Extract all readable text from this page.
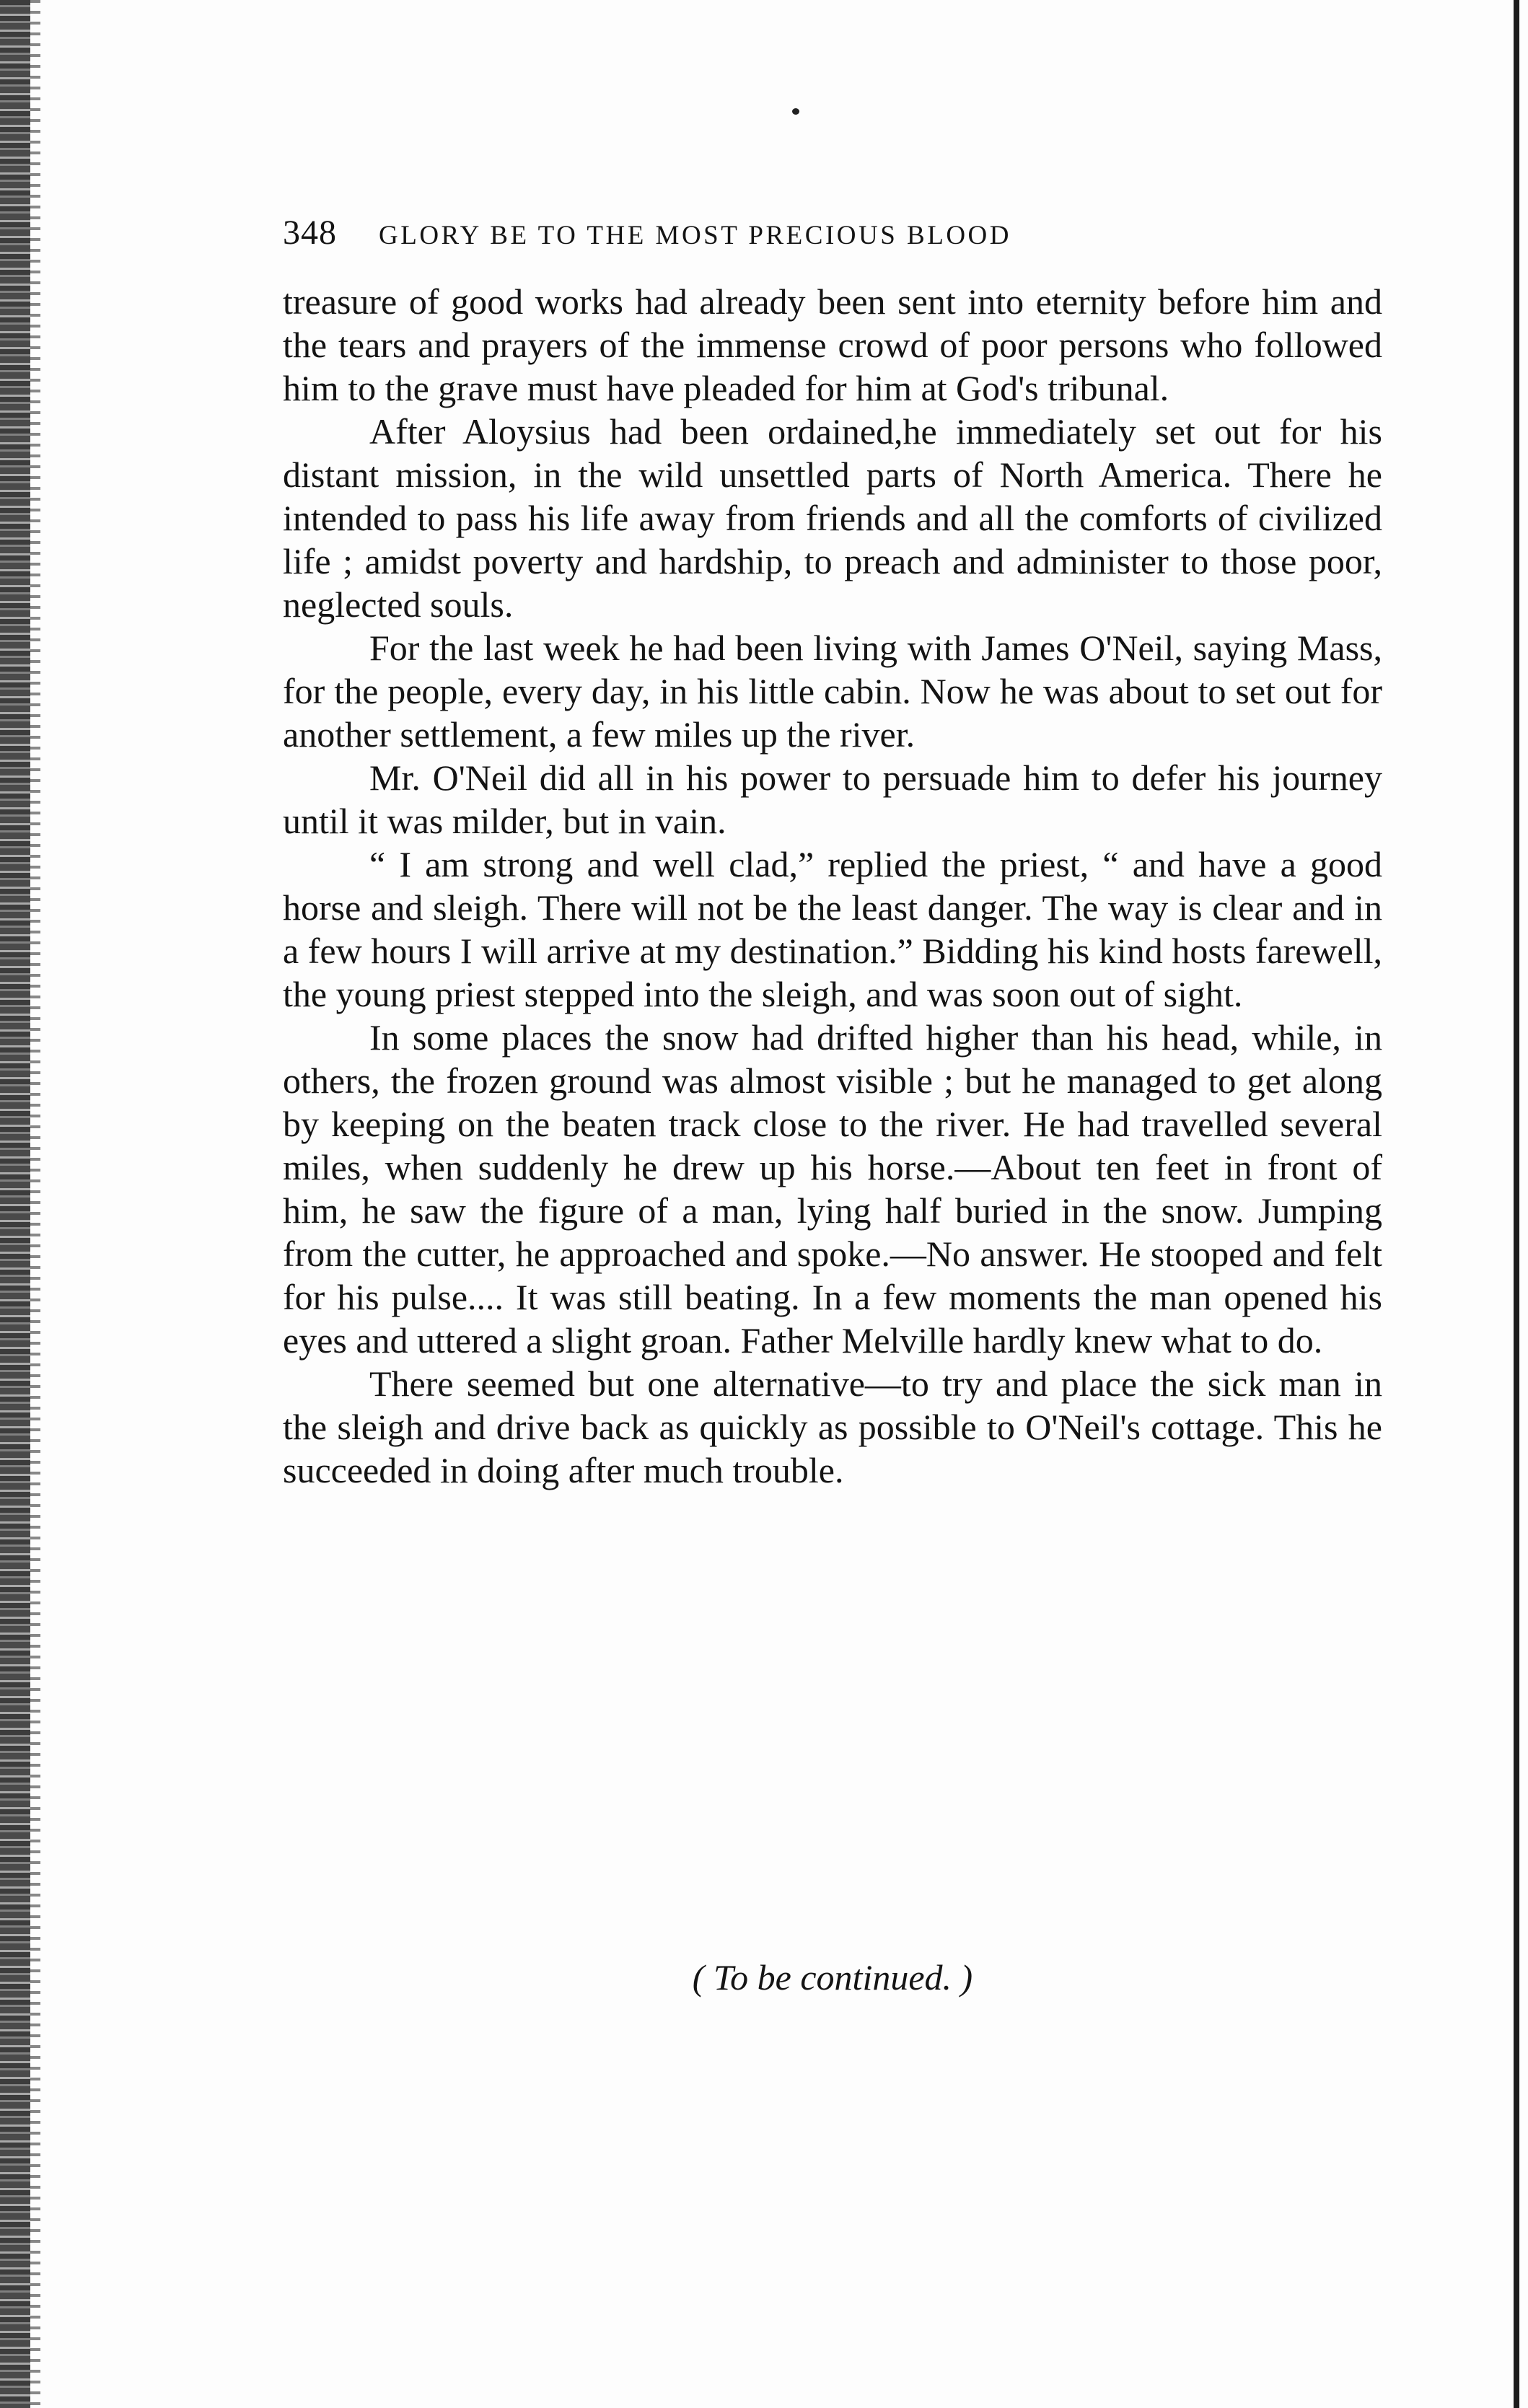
348 GLORY BE TO THE MOST PRECIOUS BLOOD

treasure of good works had already been sent into eternity before him and the tears and prayers of the immense crowd of poor persons who followed him to the grave must have pleaded for him at God's tribunal.

After Aloysius had been ordained,he immediately set out for his distant mission, in the wild unsettled parts of North America. There he intended to pass his life away from friends and all the comforts of civilized life ; amidst poverty and hardship, to preach and administer to those poor, neglected souls.

For the last week he had been living with James O'Neil, saying Mass, for the people, every day, in his little cabin. Now he was about to set out for another settlement, a few miles up the river.

Mr. O'Neil did all in his power to persuade him to defer his journey until it was milder, but in vain.

“ I am strong and well clad,” replied the priest, “ and have a good horse and sleigh. There will not be the least danger. The way is clear and in a few hours I will arrive at my destination.” Bidding his kind hosts farewell, the young priest stepped into the sleigh, and was soon out of sight.

In some places the snow had drifted higher than his head, while, in others, the frozen ground was almost visible ; but he managed to get along by keeping on the beaten track close to the river. He had travelled several miles, when suddenly he drew up his horse.—About ten feet in front of him, he saw the figure of a man, lying half buried in the snow. Jumping from the cutter, he approached and spoke.—No answer. He stooped and felt for his pulse.... It was still beating. In a few moments the man opened his eyes and uttered a slight groan. Father Melville hardly knew what to do.

There seemed but one alternative—to try and place the sick man in the sleigh and drive back as quickly as possible to O'Neil's cottage. This he succeeded in doing after much trouble.

( To be continued. )
